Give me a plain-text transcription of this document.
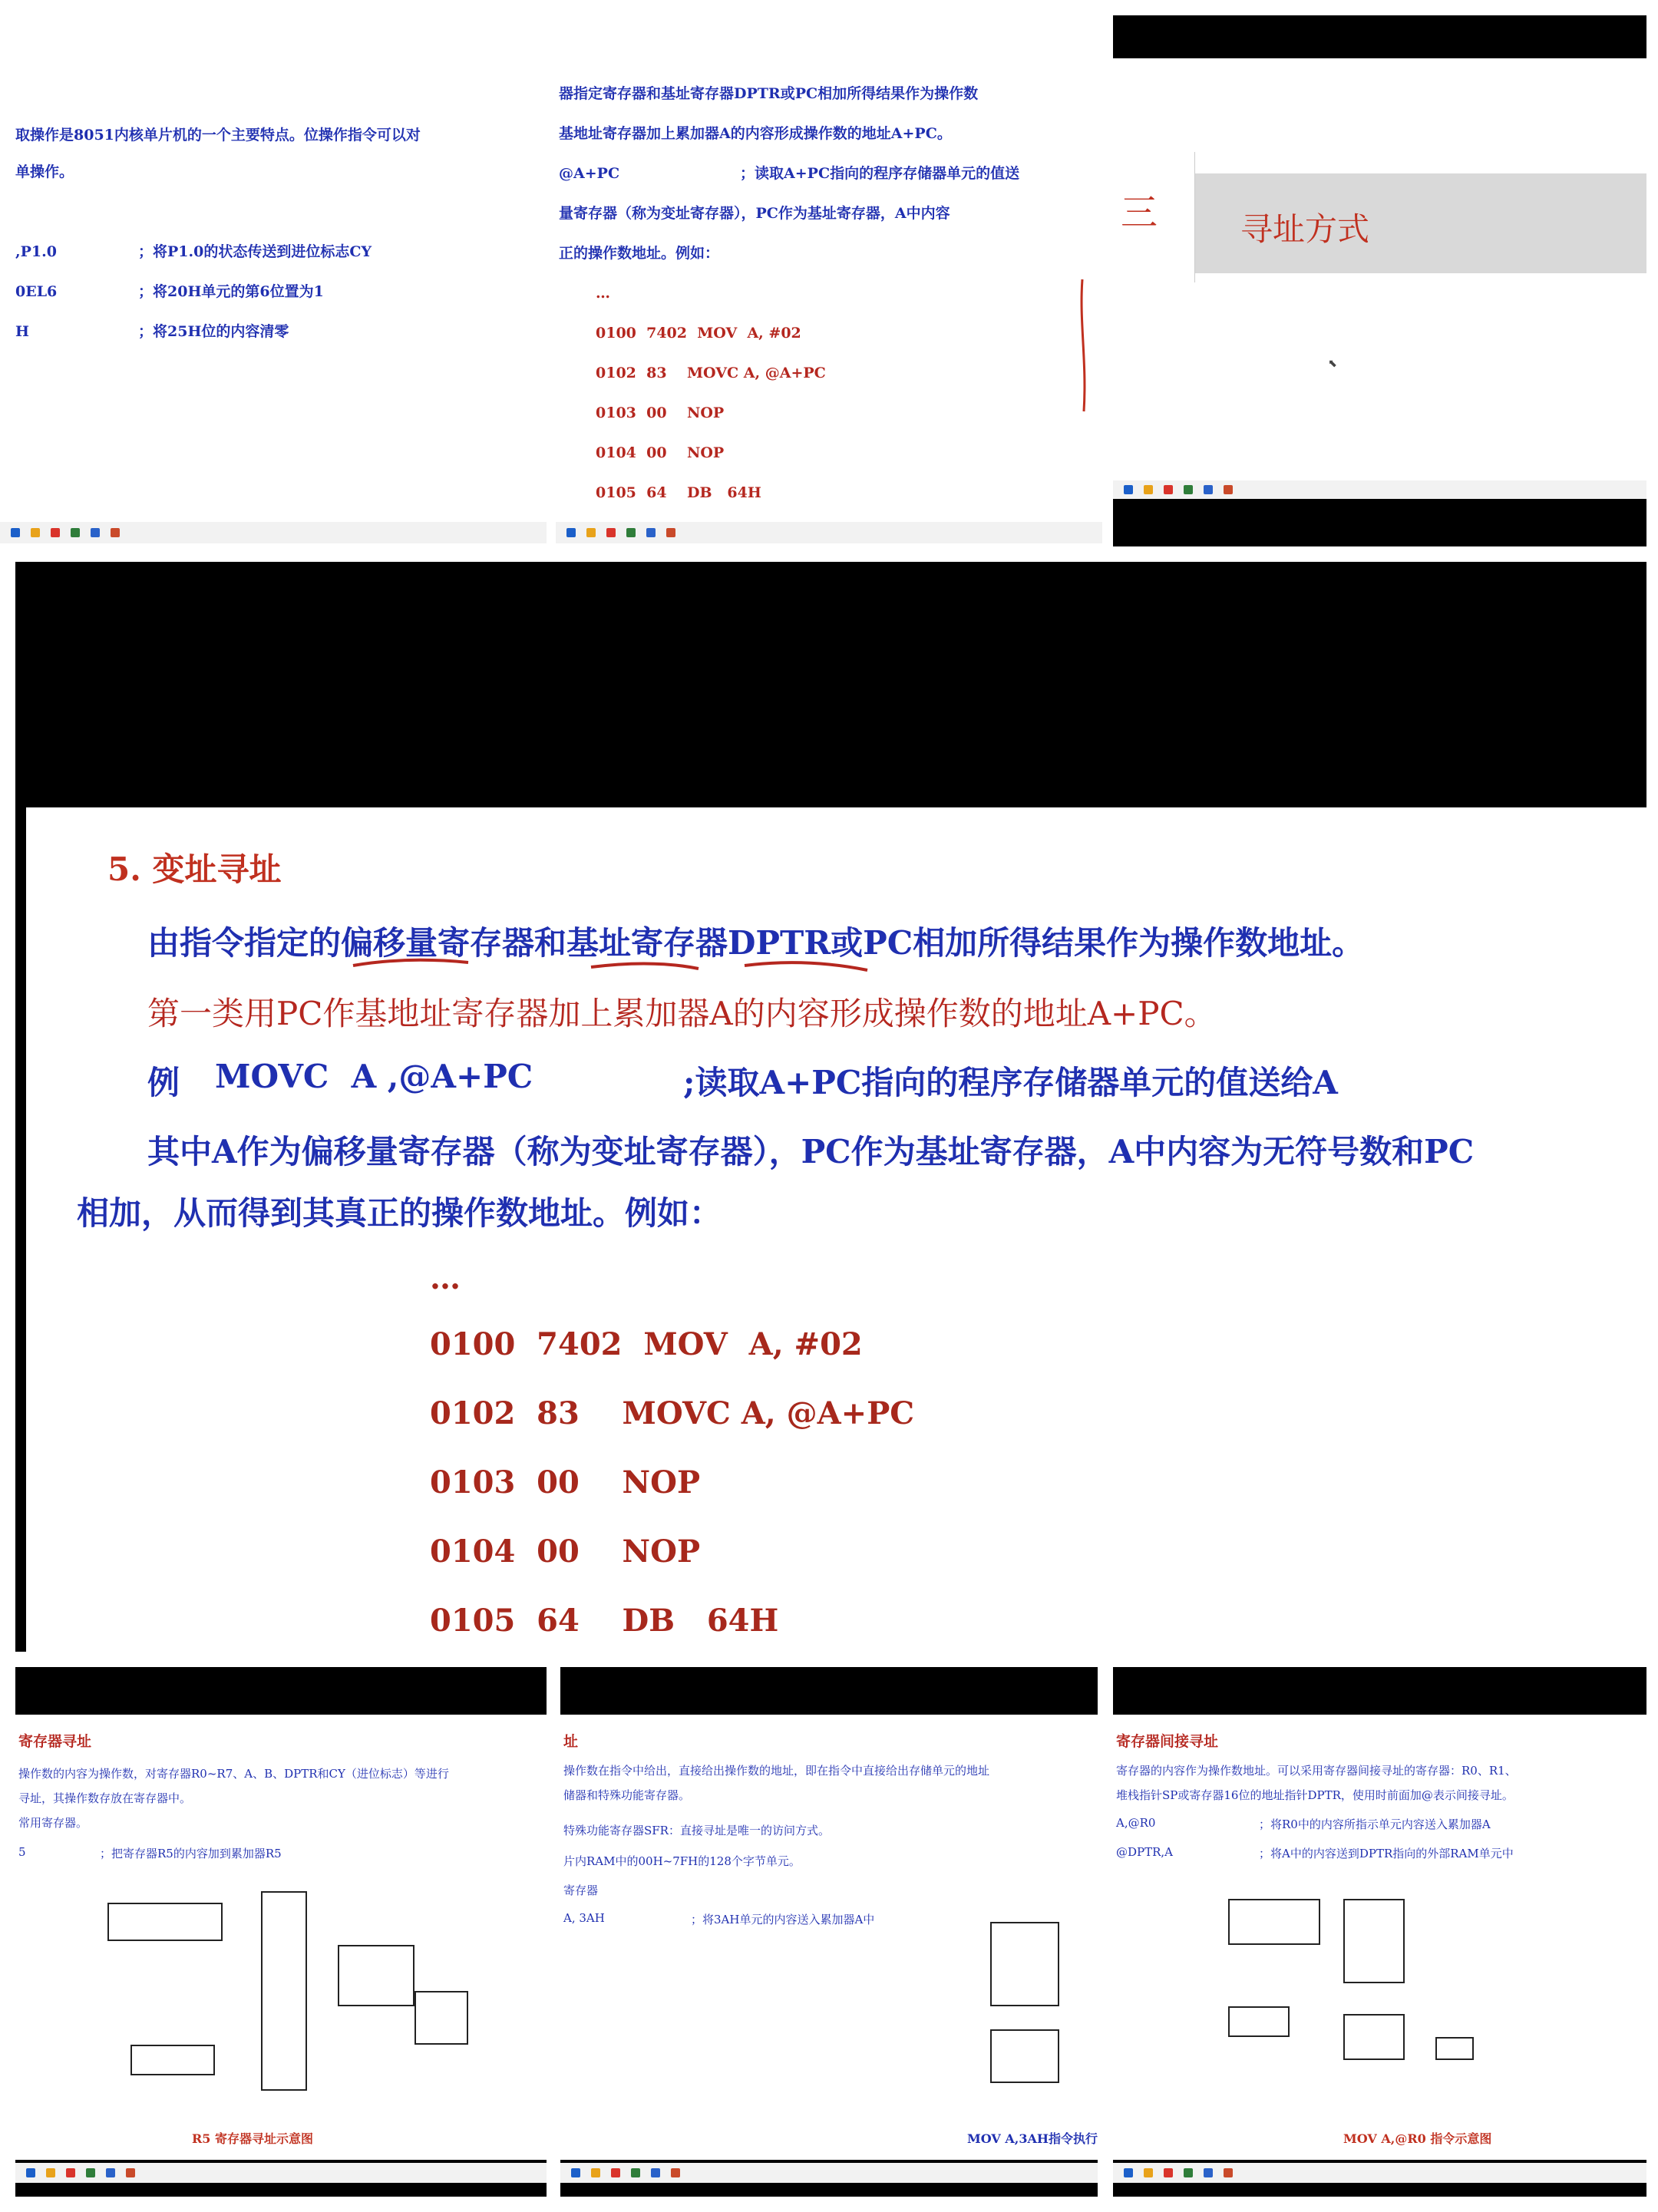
取操作是8051内核单片机的一个主要特点。位操作指令可以对
单操作。
,P1.0	；将P1.0的状态传送到进位标志CY
0EL6	；将20H单元的第6位置为1
H	；将25H位的内容清零
器指定寄存器和基址寄存器DPTR或PC相加所得结果作为操作数
基地址寄存器加上累加器A的内容形成操作数的地址A+PC。
@A+PC	；读取A+PC指向的程序存储器单元的值送
量寄存器（称为变址寄存器），PC作为基址寄存器，A中内容
正的操作数地址。例如：
…
0100  7402  MOV  A, #02
0102  83    MOVC A, @A+PC
0103  00    NOP
0104  00    NOP
0105  64    DB   64H
三	寻址方式
⬉
5. 变址寻址
由指令指定的偏移量寄存器和基址寄存器DPTR或PC相加所得结果作为操作数地址。
第一类用PC作基地址寄存器加上累加器A的内容形成操作数的地址A+PC。
例 MOVC  A ,@A+PC	;读取A+PC指向的程序存储器单元的值送给A
其中A作为偏移量寄存器（称为变址寄存器），PC作为基址寄存器，A中内容为无符号数和PC
相加，从而得到其真正的操作数地址。例如：
…
0100  7402  MOV  A, #02
0102  83    MOVC A, @A+PC
0103  00    NOP
0104  00    NOP
0105  64    DB   64H
寄存器寻址
操作数的内容为操作数，对寄存器R0~R7、A、B、DPTR和CY（进位标志）等进行
寻址，其操作数存放在寄存器中。
常用寄存器。
5	；把寄存器R5的内容加到累加器R5
R5 寄存器寻址示意图
址
操作数在指令中给出，直接给出操作数的地址，即在指令中直接给出存储单元的地址
储器和特殊功能寄存器。
特殊功能寄存器SFR：直接寻址是唯一的访问方式。
片内RAM中的00H~7FH的128个字节单元。
寄存器
A, 3AH	；将3AH单元的内容送入累加器A中
MOV A,3AH指令执行
寄存器间接寻址
寄存器的内容作为操作数地址。可以采用寄存器间接寻址的寄存器：R0、R1、
堆栈指针SP或寄存器16位的地址指针DPTR，使用时前面加@表示间接寻址。
A,@R0	；将R0中的内容所指示单元内容送入累加器A
@DPTR,A	；将A中的内容送到DPTR指向的外部RAM单元中
MOV A,@R0 指令示意图
